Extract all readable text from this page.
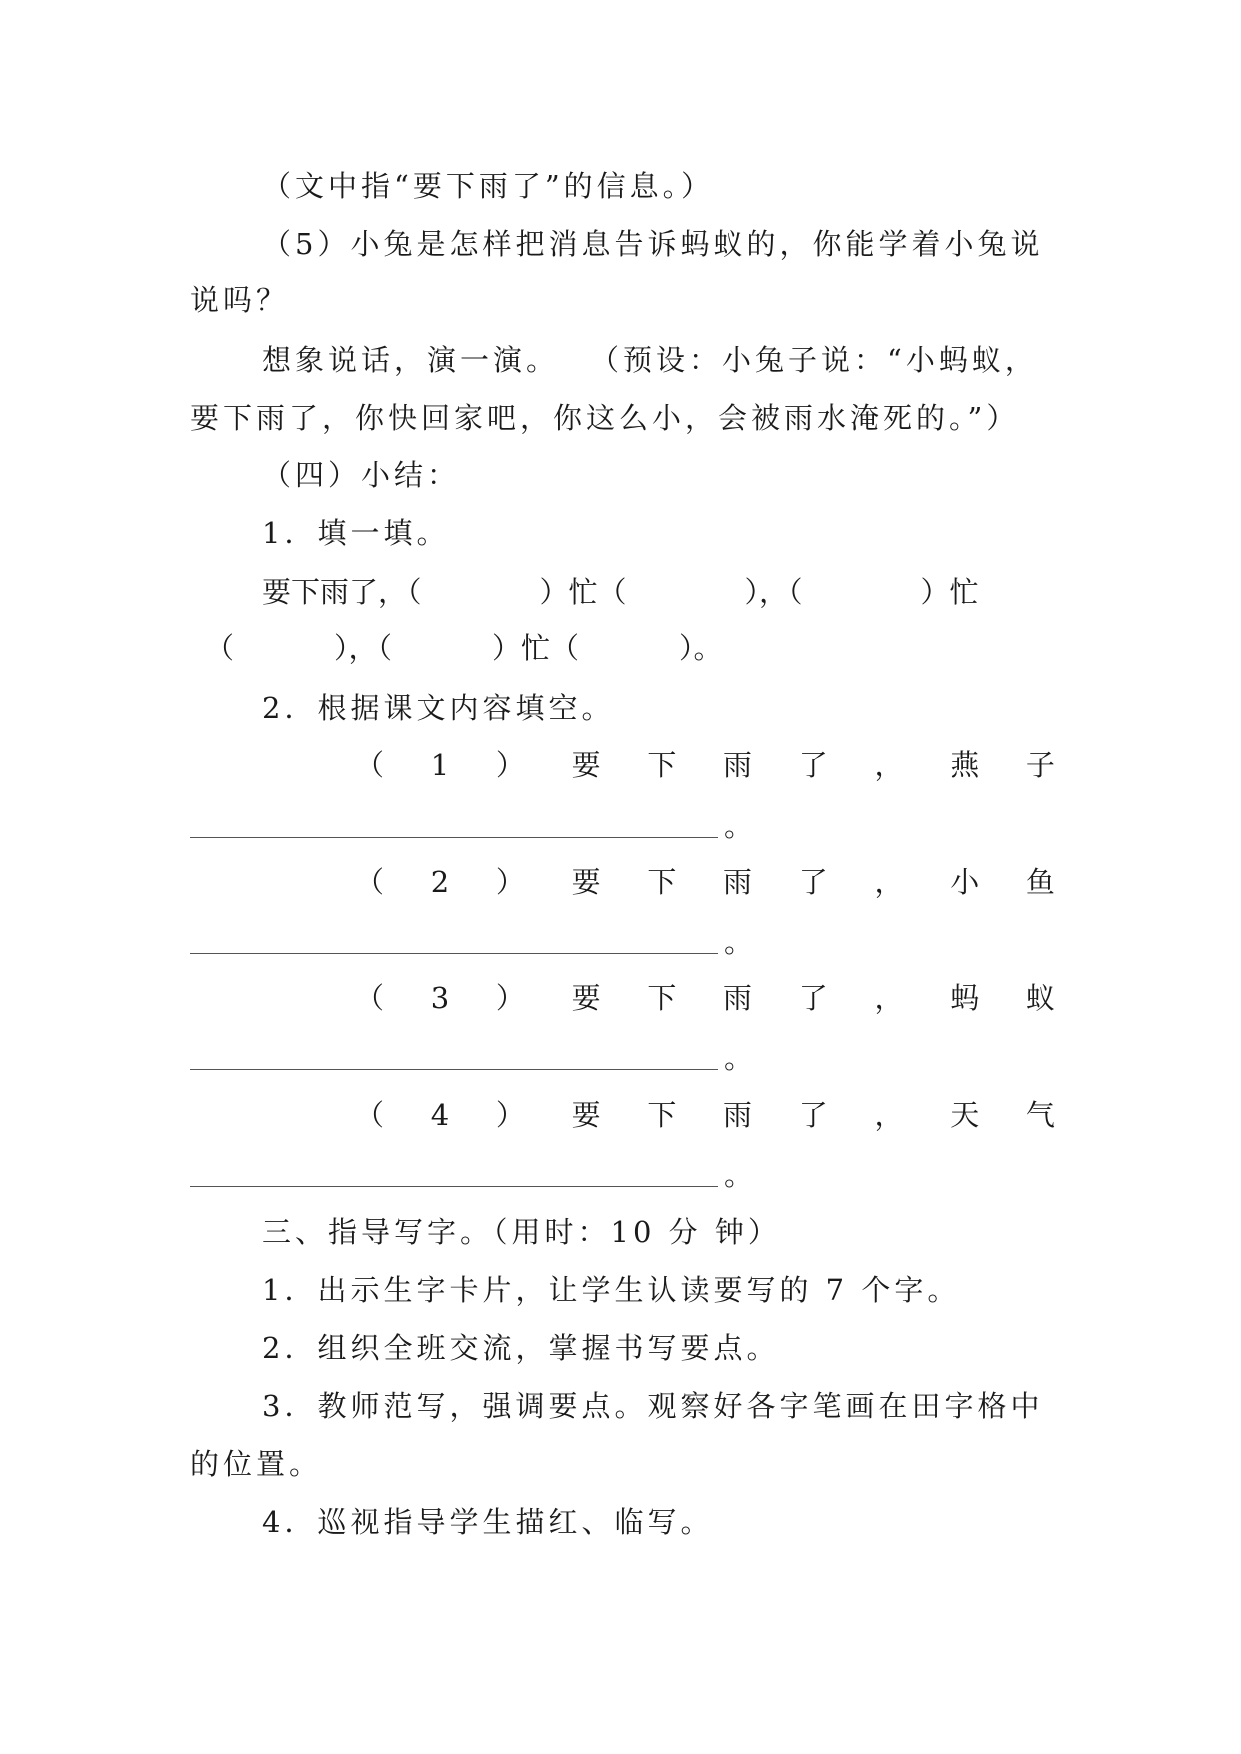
（文中指“要下雨了”的信息。）
（5）小兔是怎样把消息告诉蚂蚁的，你能学着小兔说
说吗？
想象说话，演一演。 （预设：小兔子说：“小蚂蚁，
要下雨了，你快回家吧，你这么小，会被雨水淹死的。”）
（四）小结：
1．填一填。
要下雨了，（	）忙（	），（	）忙
（	），（	）忙（	）。
2．根据课文内容填空。
（ 1 ） 要 下 雨 了 ， 燕 子
。
（ 2 ） 要 下 雨 了 ， 小 鱼
。
（ 3 ） 要 下 雨 了 ， 蚂 蚁
。
（ 4 ） 要 下 雨 了 ， 天 气
。
三、指导写字。（用时：10 分 钟）
1．出示生字卡片，让学生认读要写的 7 个字。
2．组织全班交流，掌握书写要点。
3．教师范写，强调要点。观察好各字笔画在田字格中
的位置。
4．巡视指导学生描红、临写。
